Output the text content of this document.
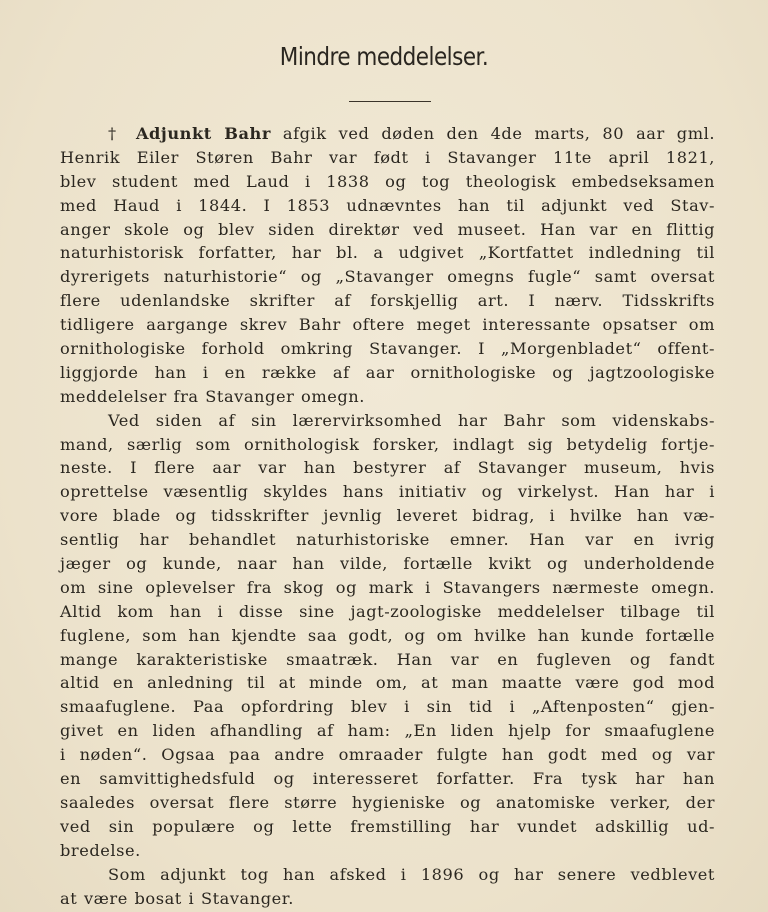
Mindre meddelelser.
† Adjunkt Bahr afgik ved døden den 4de marts, 80 aar gml.
Henrik Eiler Støren Bahr var født i Stavanger 11te april 1821,
blev student med Laud i 1838 og tog theologisk embedseksamen
med Haud i 1844. I 1853 udnævntes han til adjunkt ved Stav-
anger skole og blev siden direktør ved museet. Han var en flittig
naturhistorisk forfatter, har bl. a udgivet „Kortfattet indledning til
dyrerigets naturhistorie“ og „Stavanger omegns fugle“ samt oversat
flere udenlandske skrifter af forskjellig art. I nærv. Tidsskrifts
tidligere aargange skrev Bahr oftere meget interessante opsatser om
ornithologiske forhold omkring Stavanger. I „Morgenbladet“ offent-
liggjorde han i en række af aar ornithologiske og jagtzoologiske
meddelelser fra Stavanger omegn.
Ved siden af sin lærervirksomhed har Bahr som videnskabs-
mand, særlig som ornithologisk forsker, indlagt sig betydelig fortje-
neste. I flere aar var han bestyrer af Stavanger museum, hvis
oprettelse væsentlig skyldes hans initiativ og virkelyst. Han har i
vore blade og tidsskrifter jevnlig leveret bidrag, i hvilke han væ-
sentlig har behandlet naturhistoriske emner. Han var en ivrig
jæger og kunde, naar han vilde, fortælle kvikt og underholdende
om sine oplevelser fra skog og mark i Stavangers nærmeste omegn.
Altid kom han i disse sine jagt-zoologiske meddelelser tilbage til
fuglene, som han kjendte saa godt, og om hvilke han kunde fortælle
mange karakteristiske smaatræk. Han var en fugleven og fandt
altid en anledning til at minde om, at man maatte være god mod
smaafuglene. Paa opfordring blev i sin tid i „Aftenposten“ gjen-
givet en liden afhandling af ham: „En liden hjelp for smaafuglene
i nøden“. Ogsaa paa andre omraader fulgte han godt med og var
en samvittighedsfuld og interesseret forfatter. Fra tysk har han
saaledes oversat flere større hygieniske og anatomiske verker, der
ved sin populære og lette fremstilling har vundet adskillig ud-
bredelse.
Som adjunkt tog han afsked i 1896 og har senere vedblevet
at være bosat i Stavanger.
